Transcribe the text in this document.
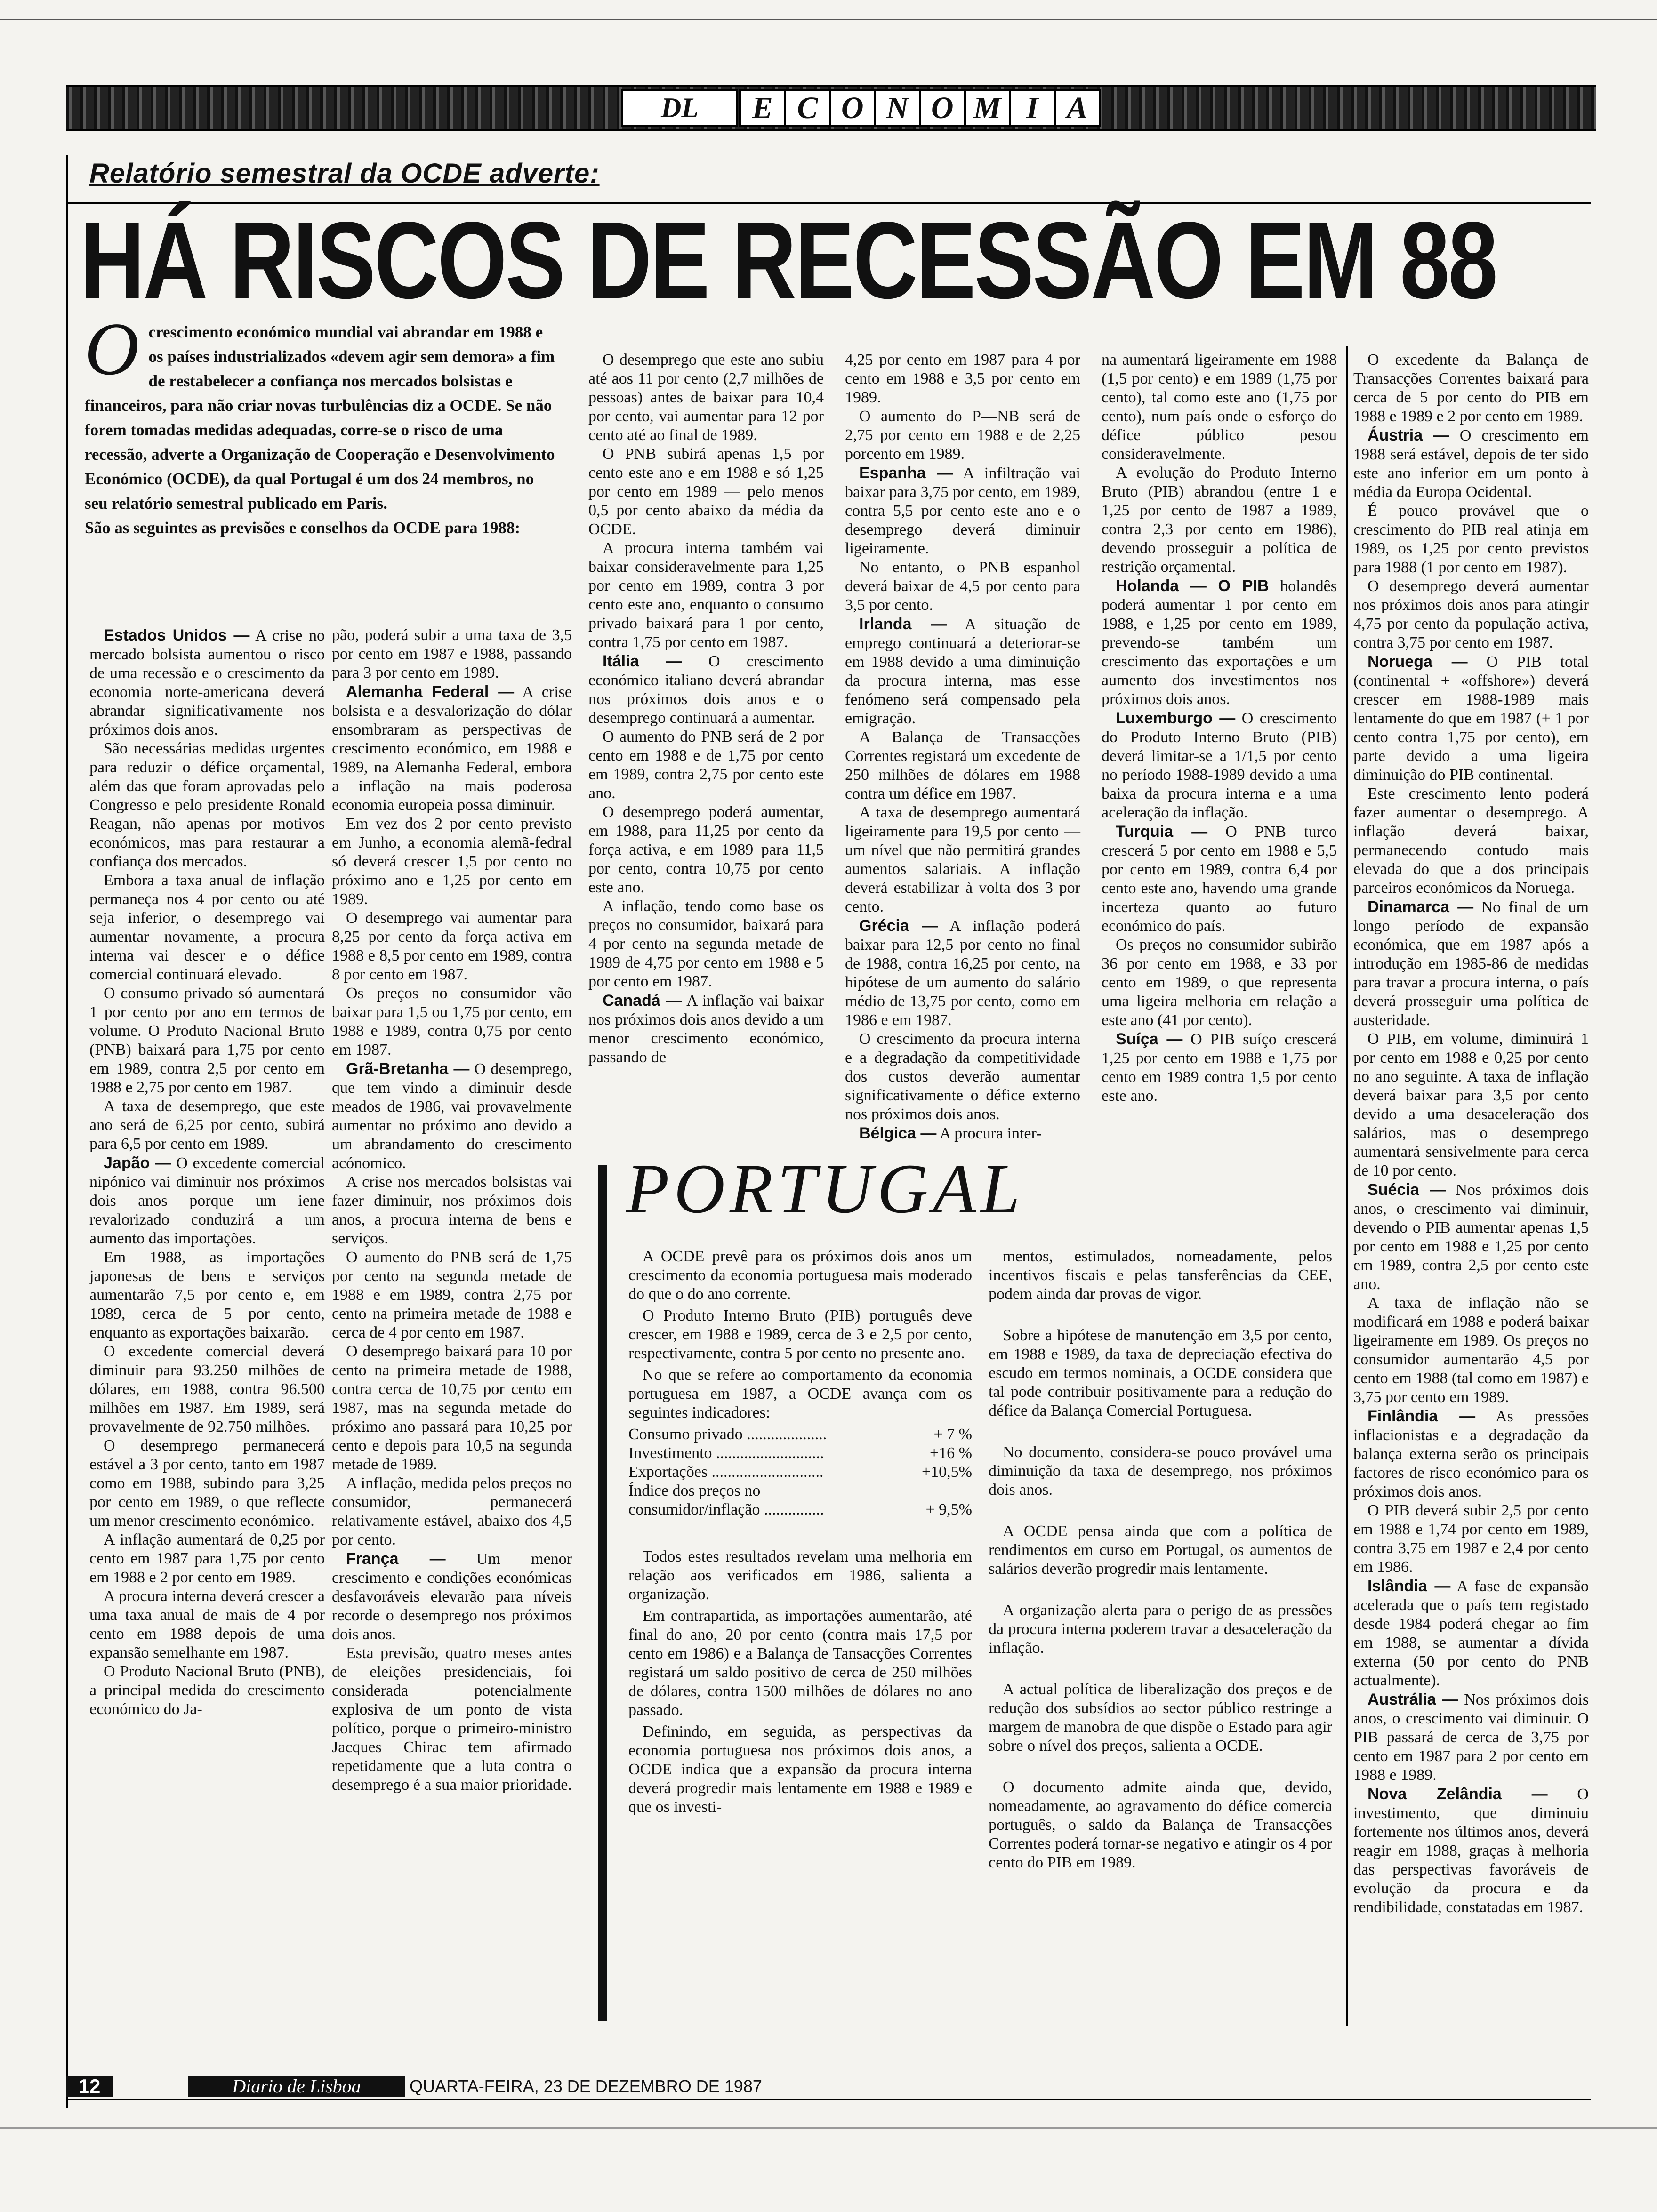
DL	E C O N O M I A
Relatório semestral da OCDE adverte:
HÁ RISCOS DE RECESSÃO EM 88
O crescimento económico mundial vai abrandar em 1988 e os países industrializados «devem agir sem demora» a fim de restabelecer a confiança nos mercados bolsistas e financeiros, para não criar novas turbulências diz a OCDE. Se não forem tomadas medidas adequadas, corre-se o risco de uma recessão, adverte a Organização de Cooperação e Desenvolvimento Económico (OCDE), da qual Portugal é um dos 24 membros, no seu relatório semestral publicado em Paris.
São as seguintes as previsões e conselhos da OCDE para 1988:

Estados Unidos — A crise no mercado bolsista aumentou o risco de uma recessão e o crescimento da economia norte-americana deverá abrandar significativamente nos próximos dois anos.

São necessárias medidas urgentes para reduzir o défice orçamental, além das que foram aprovadas pelo Congresso e pelo presidente Ronald Reagan, não apenas por motivos económicos, mas para restaurar a confiança dos mercados.

Embora a taxa anual de inflação permaneça nos 4 por cento ou até seja inferior, o desemprego vai aumentar novamente, a procura interna vai descer e o défice comercial continuará elevado.

O consumo privado só aumentará 1 por cento por ano em termos de volume. O Produto Nacional Bruto (PNB) baixará para 1,75 por cento em 1989, contra 2,5 por cento em 1988 e 2,75 por cento em 1987.

A taxa de desemprego, que este ano será de 6,25 por cento, subirá para 6,5 por cento em 1989.

Japão — O excedente comercial nipónico vai diminuir nos próximos dois anos porque um iene revalorizado conduzirá a um aumento das importações.

Em 1988, as importações japonesas de bens e serviços aumentarão 7,5 por cento e, em 1989, cerca de 5 por cento, enquanto as exportações baixarão.

O excedente comercial deverá diminuir para 93.250 milhões de dólares, em 1988, contra 96.500 milhões em 1987. Em 1989, será provavelmente de 92.750 milhões.

O desemprego permanecerá estável a 3 por cento, tanto em 1987 como em 1988, subindo para 3,25 por cento em 1989, o que reflecte um menor crescimento económico.

A inflação aumentará de 0,25 por cento em 1987 para 1,75 por cento em 1988 e 2 por cento em 1989.

A procura interna deverá crescer a uma taxa anual de mais de 4 por cento em 1988 depois de uma expansão semelhante em 1987.

O Produto Nacional Bruto (PNB), a principal medida do crescimento económico do Ja-

pão, poderá subir a uma taxa de 3,5 por cento em 1987 e 1988, passando para 3 por cento em 1989.

Alemanha Federal — A crise bolsista e a desvalorização do dólar ensombraram as perspectivas de crescimento económico, em 1988 e 1989, na Alemanha Federal, embora a inflação na mais poderosa economia europeia possa diminuir.

Em vez dos 2 por cento previsto em Junho, a economia alemã-fedral só deverá crescer 1,5 por cento no próximo ano e 1,25 por cento em 1989.

O desemprego vai aumentar para 8,25 por cento da força activa em 1988 e 8,5 por cento em 1989, contra 8 por cento em 1987.

Os preços no consumidor vão baixar para 1,5 ou 1,75 por cento, em 1988 e 1989, contra 0,75 por cento em 1987.

Grã-Bretanha — O desemprego, que tem vindo a diminuir desde meados de 1986, vai provavelmente aumentar no próximo ano devido a um abrandamento do crescimento acónomico.

A crise nos mercados bolsistas vai fazer diminuir, nos próximos dois anos, a procura interna de bens e serviços.

O aumento do PNB será de 1,75 por cento na segunda metade de 1988 e em 1989, contra 2,75 por cento na primeira metade de 1988 e cerca de 4 por cento em 1987.

O desemprego baixará para 10 por cento na primeira metade de 1988, contra cerca de 10,75 por cento em 1987, mas na segunda metade do próximo ano passará para 10,25 por cento e depois para 10,5 na segunda metade de 1989.

A inflação, medida pelos preços no consumidor, permanecerá relativamente estável, abaixo dos 4,5 por cento.

França — Um menor crescimento e condições económicas desfavoráveis elevarão para níveis recorde o desemprego nos próximos dois anos.

Esta previsão, quatro meses antes de eleições presidenciais, foi considerada potencialmente explosiva de um ponto de vista político, porque o primeiro-ministro Jacques Chirac tem afirmado repetidamente que a luta contra o desemprego é a sua maior prioridade.

O desemprego que este ano subiu até aos 11 por cento (2,7 milhões de pessoas) antes de baixar para 10,4 por cento, vai aumentar para 12 por cento até ao final de 1989.

O PNB subirá apenas 1,5 por cento este ano e em 1988 e só 1,25 por cento em 1989 — pelo menos 0,5 por cento abaixo da média da OCDE.

A procura interna também vai baixar consideravelmente para 1,25 por cento em 1989, contra 3 por cento este ano, enquanto o consumo privado baixará para 1 por cento, contra 1,75 por cento em 1987.

Itália — O crescimento económico italiano deverá abrandar nos próximos dois anos e o desemprego continuará a aumentar.

O aumento do PNB será de 2 por cento em 1988 e de 1,75 por cento em 1989, contra 2,75 por cento este ano.

O desemprego poderá aumentar, em 1988, para 11,25 por cento da força activa, e em 1989 para 11,5 por cento, contra 10,75 por cento este ano.

A inflação, tendo como base os preços no consumidor, baixará para 4 por cento na segunda metade de 1989 de 4,75 por cento em 1988 e 5 por cento em 1987.

Canadá — A inflação vai baixar nos próximos dois anos devido a um menor crescimento económico, passando de

4,25 por cento em 1987 para 4 por cento em 1988 e 3,5 por cento em 1989.

O aumento do P—NB será de 2,75 por cento em 1988 e de 2,25 porcento em 1989.

Espanha — A infiltração vai baixar para 3,75 por cento, em 1989, contra 5,5 por cento este ano e o desemprego deverá diminuir ligeiramente.

No entanto, o PNB espanhol deverá baixar de 4,5 por cento para 3,5 por cento.

Irlanda — A situação de emprego continuará a deteriorar-se em 1988 devido a uma diminuição da procura interna, mas esse fenómeno será compensado pela emigração.

A Balança de Transacções Correntes registará um excedente de 250 milhões de dólares em 1988 contra um défice em 1987.

A taxa de desemprego aumentará ligeiramente para 19,5 por cento — um nível que não permitirá grandes aumentos salariais. A inflação deverá estabilizar à volta dos 3 por cento.

Grécia — A inflação poderá baixar para 12,5 por cento no final de 1988, contra 16,25 por cento, na hipótese de um aumento do salário médio de 13,75 por cento, como em 1986 e em 1987.

O crescimento da procura interna e a degradação da competitividade dos custos deverão aumentar significativamente o défice externo nos próximos dois anos.

Bélgica — A procura inter-

na aumentará ligeiramente em 1988 (1,5 por cento) e em 1989 (1,75 por cento), tal como este ano (1,75 por cento), num país onde o esforço do défice público pesou consideravelmente.

A evolução do Produto Interno Bruto (PIB) abrandou (entre 1 e 1,25 por cento de 1987 a 1989, contra 2,3 por cento em 1986), devendo prosseguir a política de restrição orçamental.

Holanda — O PIB holandês poderá aumentar 1 por cento em 1988, e 1,25 por cento em 1989, prevendo-se também um crescimento das exportações e um aumento dos investimentos nos próximos dois anos.

Luxemburgo — O crescimento do Produto Interno Bruto (PIB) deverá limitar-se a 1/1,5 por cento no período 1988-1989 devido a uma baixa da procura interna e a uma aceleração da inflação.

Turquia — O PNB turco crescerá 5 por cento em 1988 e 5,5 por cento em 1989, contra 6,4 por cento este ano, havendo uma grande incerteza quanto ao futuro económico do país.

Os preços no consumidor subirão 36 por cento em 1988, e 33 por cento em 1989, o que representa uma ligeira melhoria em relação a este ano (41 por cento).

Suíça — O PIB suíço crescerá 1,25 por cento em 1988 e 1,75 por cento em 1989 contra 1,5 por cento este ano.

O excedente da Balança de Transacções Correntes baixará para cerca de 5 por cento do PIB em 1988 e 1989 e 2 por cento em 1989.

Áustria — O crescimento em 1988 será estável, depois de ter sido este ano inferior em um ponto à média da Europa Ocidental.

É pouco provável que o crescimento do PIB real atinja em 1989, os 1,25 por cento previstos para 1988 (1 por cento em 1987).

O desemprego deverá aumentar nos próximos dois anos para atingir 4,75 por cento da população activa, contra 3,75 por cento em 1987.

Noruega — O PIB total (continental + «offshore») deverá crescer em 1988-1989 mais lentamente do que em 1987 (+ 1 por cento contra 1,75 por cento), em parte devido a uma ligeira diminuição do PIB continental.

Este crescimento lento poderá fazer aumentar o desemprego. A inflação deverá baixar, permanecendo contudo mais elevada do que a dos principais parceiros económicos da Noruega.

Dinamarca — No final de um longo período de expansão económica, que em 1987 após a introdução em 1985-86 de medidas para travar a procura interna, o país deverá prosseguir uma política de austeridade.

O PIB, em volume, diminuirá 1 por cento em 1988 e 0,25 por cento no ano seguinte. A taxa de inflação deverá baixar para 3,5 por cento devido a uma desaceleração dos salários, mas o desemprego aumentará sensivelmente para cerca de 10 por cento.

Suécia — Nos próximos dois anos, o crescimento vai diminuir, devendo o PIB aumentar apenas 1,5 por cento em 1988 e 1,25 por cento em 1989, contra 2,5 por cento este ano.

A taxa de inflação não se modificará em 1988 e poderá baixar ligeiramente em 1989. Os preços no consumidor aumentarão 4,5 por cento em 1988 (tal como em 1987) e 3,75 por cento em 1989.

Finlândia — As pressões inflacionistas e a degradação da balança externa serão os principais factores de risco económico para os próximos dois anos.

O PIB deverá subir 2,5 por cento em 1988 e 1,74 por cento em 1989, contra 3,75 em 1987 e 2,4 por cento em 1986.

Islândia — A fase de expansão acelerada que o país tem registado desde 1984 poderá chegar ao fim em 1988, se aumentar a dívida externa (50 por cento do PNB actualmente).

Austrália — Nos próximos dois anos, o crescimento vai diminuir. O PIB passará de cerca de 3,75 por cento em 1987 para 2 por cento em 1988 e 1989.

Nova Zelândia — O investimento, que diminuiu fortemente nos últimos anos, deverá reagir em 1988, graças à melhoria das perspectivas favoráveis de evolução da procura e da rendibilidade, constatadas em 1987.

PORTUGAL

A OCDE prevê para os próximos dois anos um crescimento da economia portuguesa mais moderado do que o do ano corrente.

O Produto Interno Bruto (PIB) português deve crescer, em 1988 e 1989, cerca de 3 e 2,5 por cento, respectivamente, contra 5 por cento no presente ano.

No que se refere ao comportamento da economia portuguesa em 1987, a OCDE avança com os seguintes indicadores:

Consumo privado ....................	+ 7 %
Investimento ...........................	+16 %
Exportações ............................	+10,5%
Índice dos preços no
consumidor/inflação ...............	+ 9,5%

Todos estes resultados revelam uma melhoria em relação aos verificados em 1986, salienta a organização.

Em contrapartida, as importações aumentarão, até final do ano, 20 por cento (contra mais 17,5 por cento em 1986) e a Balança de Tansacções Correntes registará um saldo positivo de cerca de 250 milhões de dólares, contra 1500 milhões de dólares no ano passado.

Definindo, em seguida, as perspectivas da economia portuguesa nos próximos dois anos, a OCDE indica que a expansão da procura interna deverá progredir mais lentamente em 1988 e 1989 e que os investi-

mentos, estimulados, nomeadamente, pelos incentivos fiscais e pelas tansferências da CEE, podem ainda dar provas de vigor.

Sobre a hipótese de manutenção em 3,5 por cento, em 1988 e 1989, da taxa de depreciação efectiva do escudo em termos nominais, a OCDE considera que tal pode contribuir positivamente para a redução do défice da Balança Comercial Portuguesa.

No documento, considera-se pouco provável uma diminuição da taxa de desemprego, nos próximos dois anos.

A OCDE pensa ainda que com a política de rendimentos em curso em Portugal, os aumentos de salários deverão progredir mais lentamente.

A organização alerta para o perigo de as pressões da procura interna poderem travar a desaceleração da inflação.

A actual política de liberalização dos preços e de redução dos subsídios ao sector público restringe a margem de manobra de que dispõe o Estado para agir sobre o nível dos preços, salienta a OCDE.

O documento admite ainda que, devido, nomeadamente, ao agravamento do défice comercia português, o saldo da Balança de Transacções Correntes poderá tornar-se negativo e atingir os 4 por cento do PIB em 1989.

12	Diario de Lisboa	QUARTA-FEIRA, 23 DE DEZEMBRO DE 1987
